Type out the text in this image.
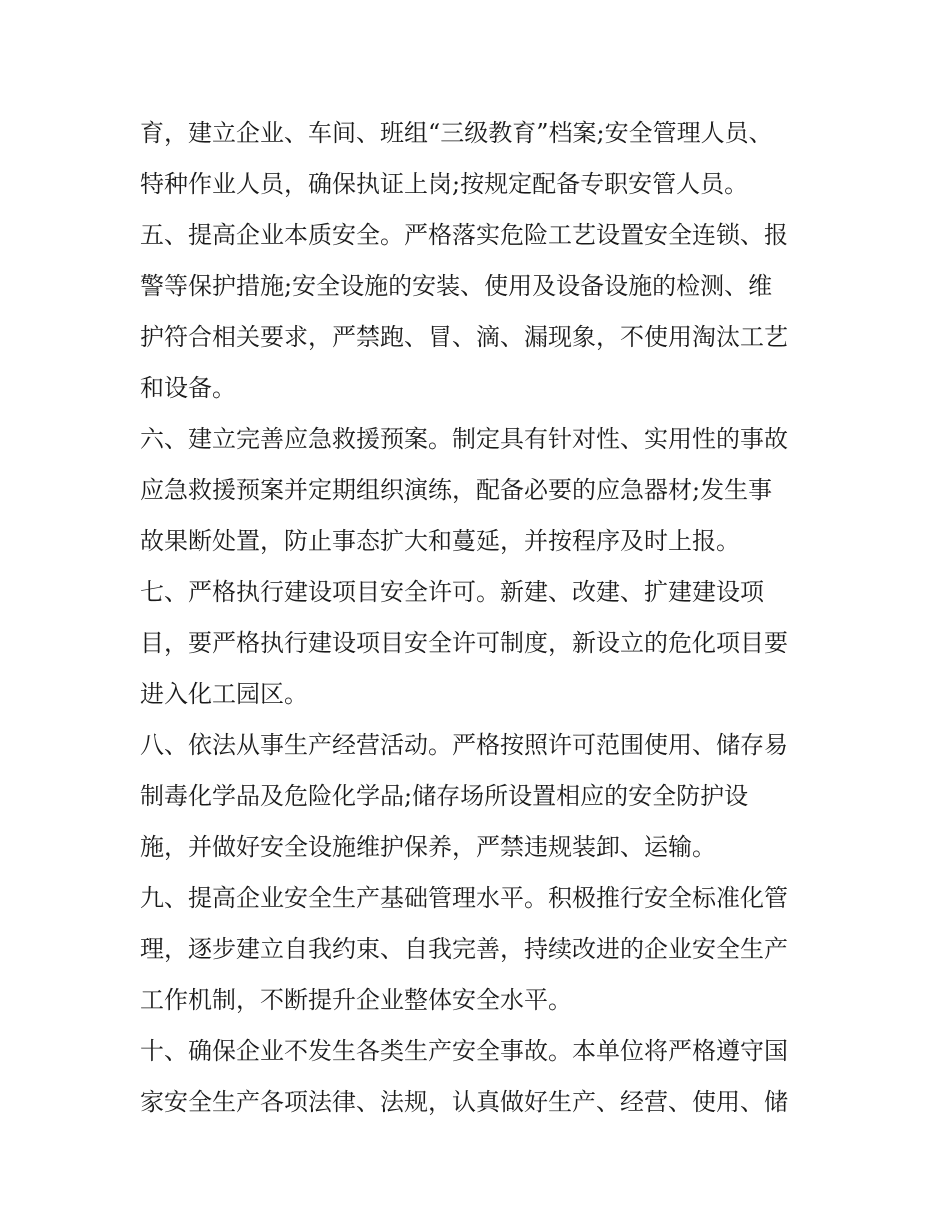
育，建立企业、车间、班组“三级教育”档案;安全管理人员、
特种作业人员，确保执证上岗;按规定配备专职安管人员。
五、提高企业本质安全。严格落实危险工艺设置安全连锁、报
警等保护措施;安全设施的安装、使用及设备设施的检测、维
护符合相关要求，严禁跑、冒、滴、漏现象，不使用淘汰工艺
和设备。
六、建立完善应急救援预案。制定具有针对性、实用性的事故
应急救援预案并定期组织演练，配备必要的应急器材;发生事
故果断处置，防止事态扩大和蔓延，并按程序及时上报。
七、严格执行建设项目安全许可。新建、改建、扩建建设项
目，要严格执行建设项目安全许可制度，新设立的危化项目要
进入化工园区。
八、依法从事生产经营活动。严格按照许可范围使用、储存易
制毒化学品及危险化学品;储存场所设置相应的安全防护设
施，并做好安全设施维护保养，严禁违规装卸、运输。
九、提高企业安全生产基础管理水平。积极推行安全标准化管
理，逐步建立自我约束、自我完善，持续改进的企业安全生产
工作机制，不断提升企业整体安全水平。
十、确保企业不发生各类生产安全事故。本单位将严格遵守国
家安全生产各项法律、法规，认真做好生产、经营、使用、储
